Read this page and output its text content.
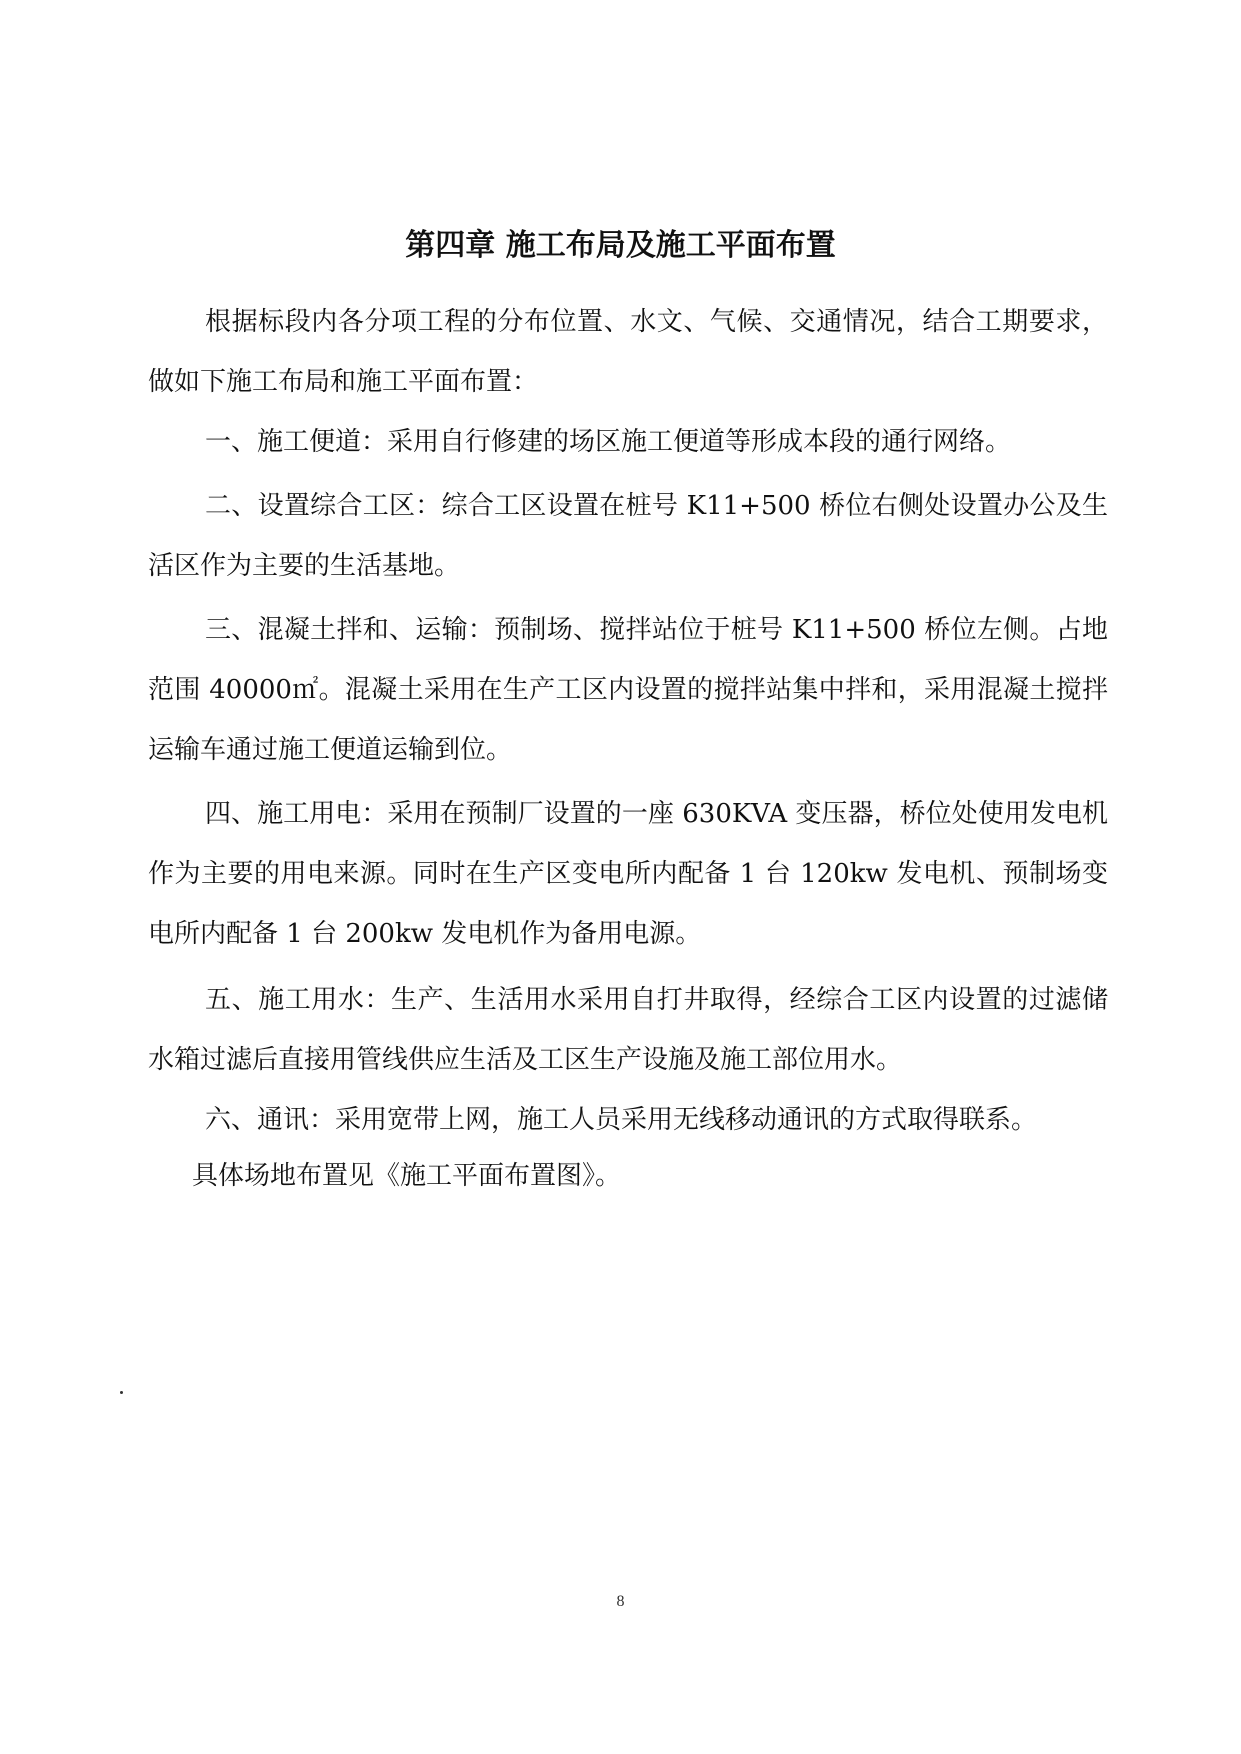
第四章 施工布局及施工平面布置

根据标段内各分项工程的分布位置、水文、气候、交通情况，结合工期要求，做如下施工布局和施工平面布置：

一、施工便道：采用自行修建的场区施工便道等形成本段的通行网络。

二、设置综合工区：综合工区设置在桩号 K11+500 桥位右侧处设置办公及生活区作为主要的生活基地。

三、混凝土拌和、运输：预制场、搅拌站位于桩号 K11+500 桥位左侧。占地范围 40000㎡。混凝土采用在生产工区内设置的搅拌站集中拌和，采用混凝土搅拌运输车通过施工便道运输到位。

四、施工用电：采用在预制厂设置的一座 630KVA 变压器，桥位处使用发电机作为主要的用电来源。同时在生产区变电所内配备 1 台 120kw 发电机、预制场变电所内配备 1 台 200kw 发电机作为备用电源。

五、施工用水：生产、生活用水采用自打井取得，经综合工区内设置的过滤储水箱过滤后直接用管线供应生活及工区生产设施及施工部位用水。

六、通讯：采用宽带上网，施工人员采用无线移动通讯的方式取得联系。

具体场地布置见《施工平面布置图》。

8
